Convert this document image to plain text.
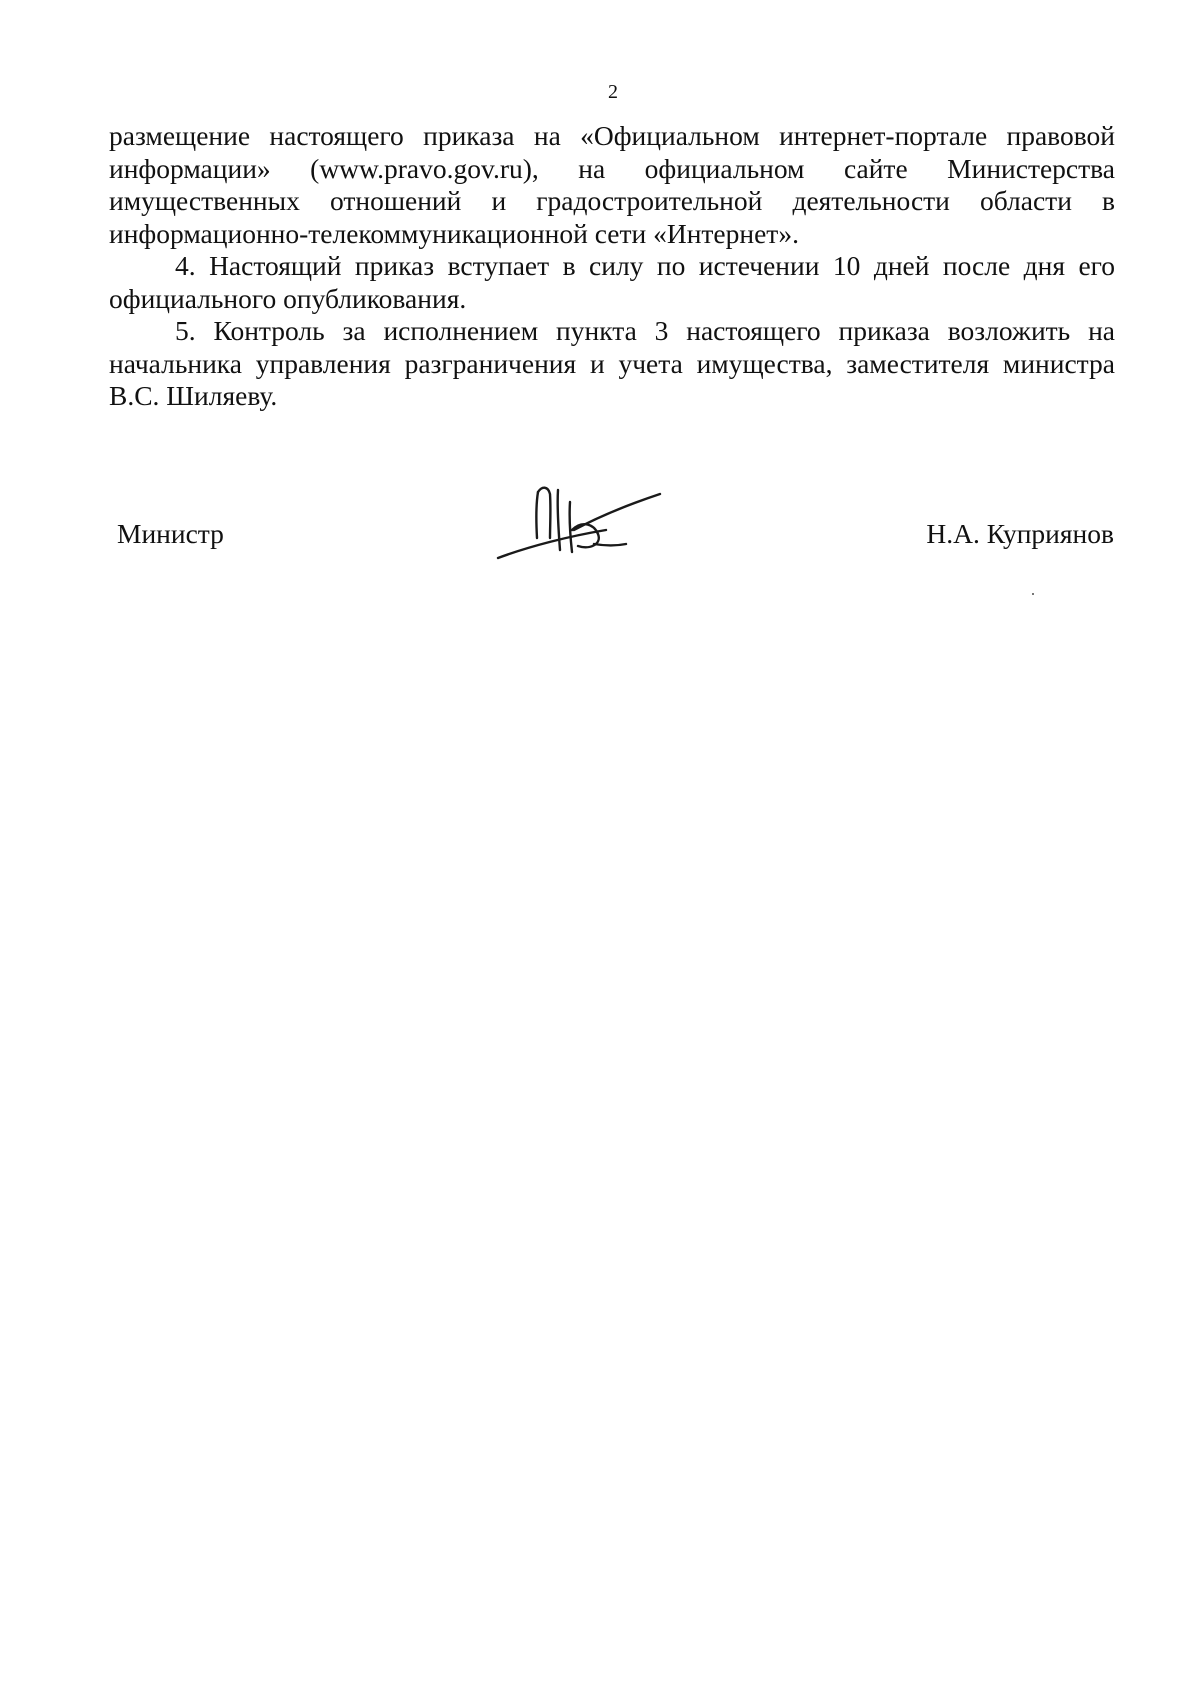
2

размещение настоящего приказа на «Официальном интернет-портале правовой информации» (www.pravo.gov.ru), на официальном сайте Министерства имущественных отношений и градостроительной деятельности области в информационно-телекоммуникационной сети «Интернет».

4. Настоящий приказ вступает в силу по истечении 10 дней после дня его официального опубликования.

5. Контроль за исполнением пункта 3 настоящего приказа возложить на начальника управления разграничения и учета имущества, заместителя министра В.С. Шиляеву.

Министр	Н.А. Куприянов
